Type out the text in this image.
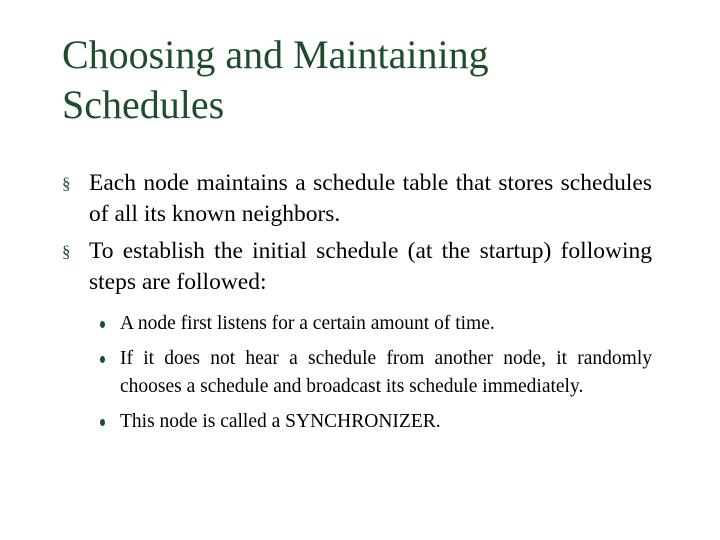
Choosing and Maintaining
Schedules
§ Each node maintains a schedule table that stores schedules of all its known neighbors.
§ To establish the initial schedule (at the startup) following steps are followed:
A node first listens for a certain amount of time.
If it does not hear a schedule from another node, it randomly chooses a schedule and broadcast its schedule immediately.
This node is called a SYNCHRONIZER.
